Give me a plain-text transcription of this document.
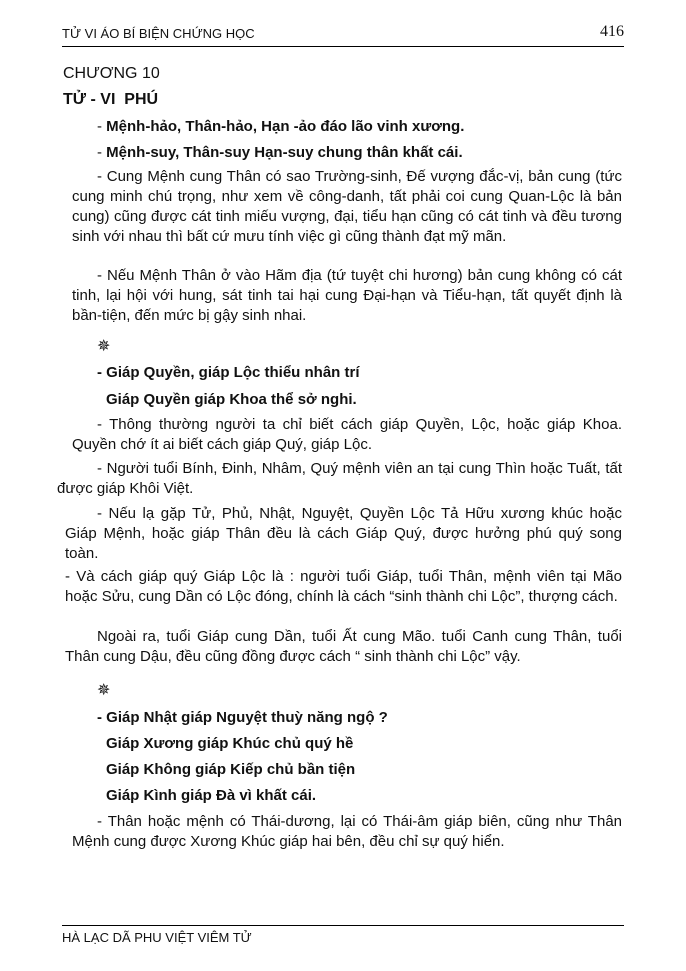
TỬ VI ÁO BÍ BIỆN CHỨNG HỌC	416
CHƯƠNG 10
TỬ - VI  PHÚ
- Mệnh-hảo, Thân-hảo, Hạn -ảo đáo lão vinh xương.
- Mệnh-suy, Thân-suy Hạn-suy chung thân khất cái.
- Cung Mệnh cung Thân có sao Trường-sinh, Đế vượng đắc-vị, bản cung (tức cung minh chú trọng, như xem về công-danh, tất phải coi cung Quan-Lộc là bản cung) cũng được cát tinh miếu vượng, đại, tiểu hạn cũng có cát tinh và đều tương sinh với nhau thì bất cứ mưu tính việc gì cũng thành đạt mỹ mãn.
- Nếu Mệnh Thân ở vào Hãm địa (tứ tuyệt chi hương) bản cung không có cát tinh, lại hội với hung, sát tinh tai hại cung Đại-hạn và Tiểu-hạn, tất quyết định là bần-tiện, đến mức bị gậy sinh nhai.
✵
- Giáp Quyền, giáp Lộc thiểu nhân trí
Giáp Quyền giáp Khoa thể sở nghi.
- Thông thường người ta chỉ biết cách giáp Quyền, Lộc, hoặc giáp Khoa. Quyền chớ ít ai biết cách giáp Quý, giáp Lộc.
- Người tuổi Bính, Đinh, Nhâm, Quý mệnh viên an tại cung Thìn hoặc Tuất, tất được giáp Khôi Việt.
- Nếu lạ gặp Tử, Phủ, Nhật, Nguyệt, Quyền Lộc Tả Hữu xương khúc hoặc Giáp Mệnh, hoặc giáp Thân đều là cách Giáp Quý, được hưởng phú quý song toàn.
- Và cách giáp quý Giáp Lộc là : người tuổi Giáp, tuổi Thân, mệnh viên tại Mão hoặc Sửu, cung Dần có Lộc đóng, chính là cách “sinh thành chi Lộc”, thượng cách.
Ngoài ra, tuổi Giáp cung Dần, tuổi Ất cung Mão. tuổi Canh cung Thân, tuổi Thân cung Dậu, đều cũng đồng được cách “ sinh thành chi Lộc” vậy.
✵
- Giáp Nhật giáp Nguyệt thuỳ năng ngộ ?
Giáp Xương giáp Khúc chủ quý hề
Giáp Không giáp Kiếp chủ bần tiện
Giáp Kình giáp Đà vì khất cái.
- Thân hoặc mệnh có Thái-dương, lại có Thái-âm giáp biên, cũng như Thân Mệnh cung được Xương Khúc giáp hai bên, đều chỉ sự quý hiển.
HÀ LẠC DÃ PHU VIỆT VIÊM TỬ
